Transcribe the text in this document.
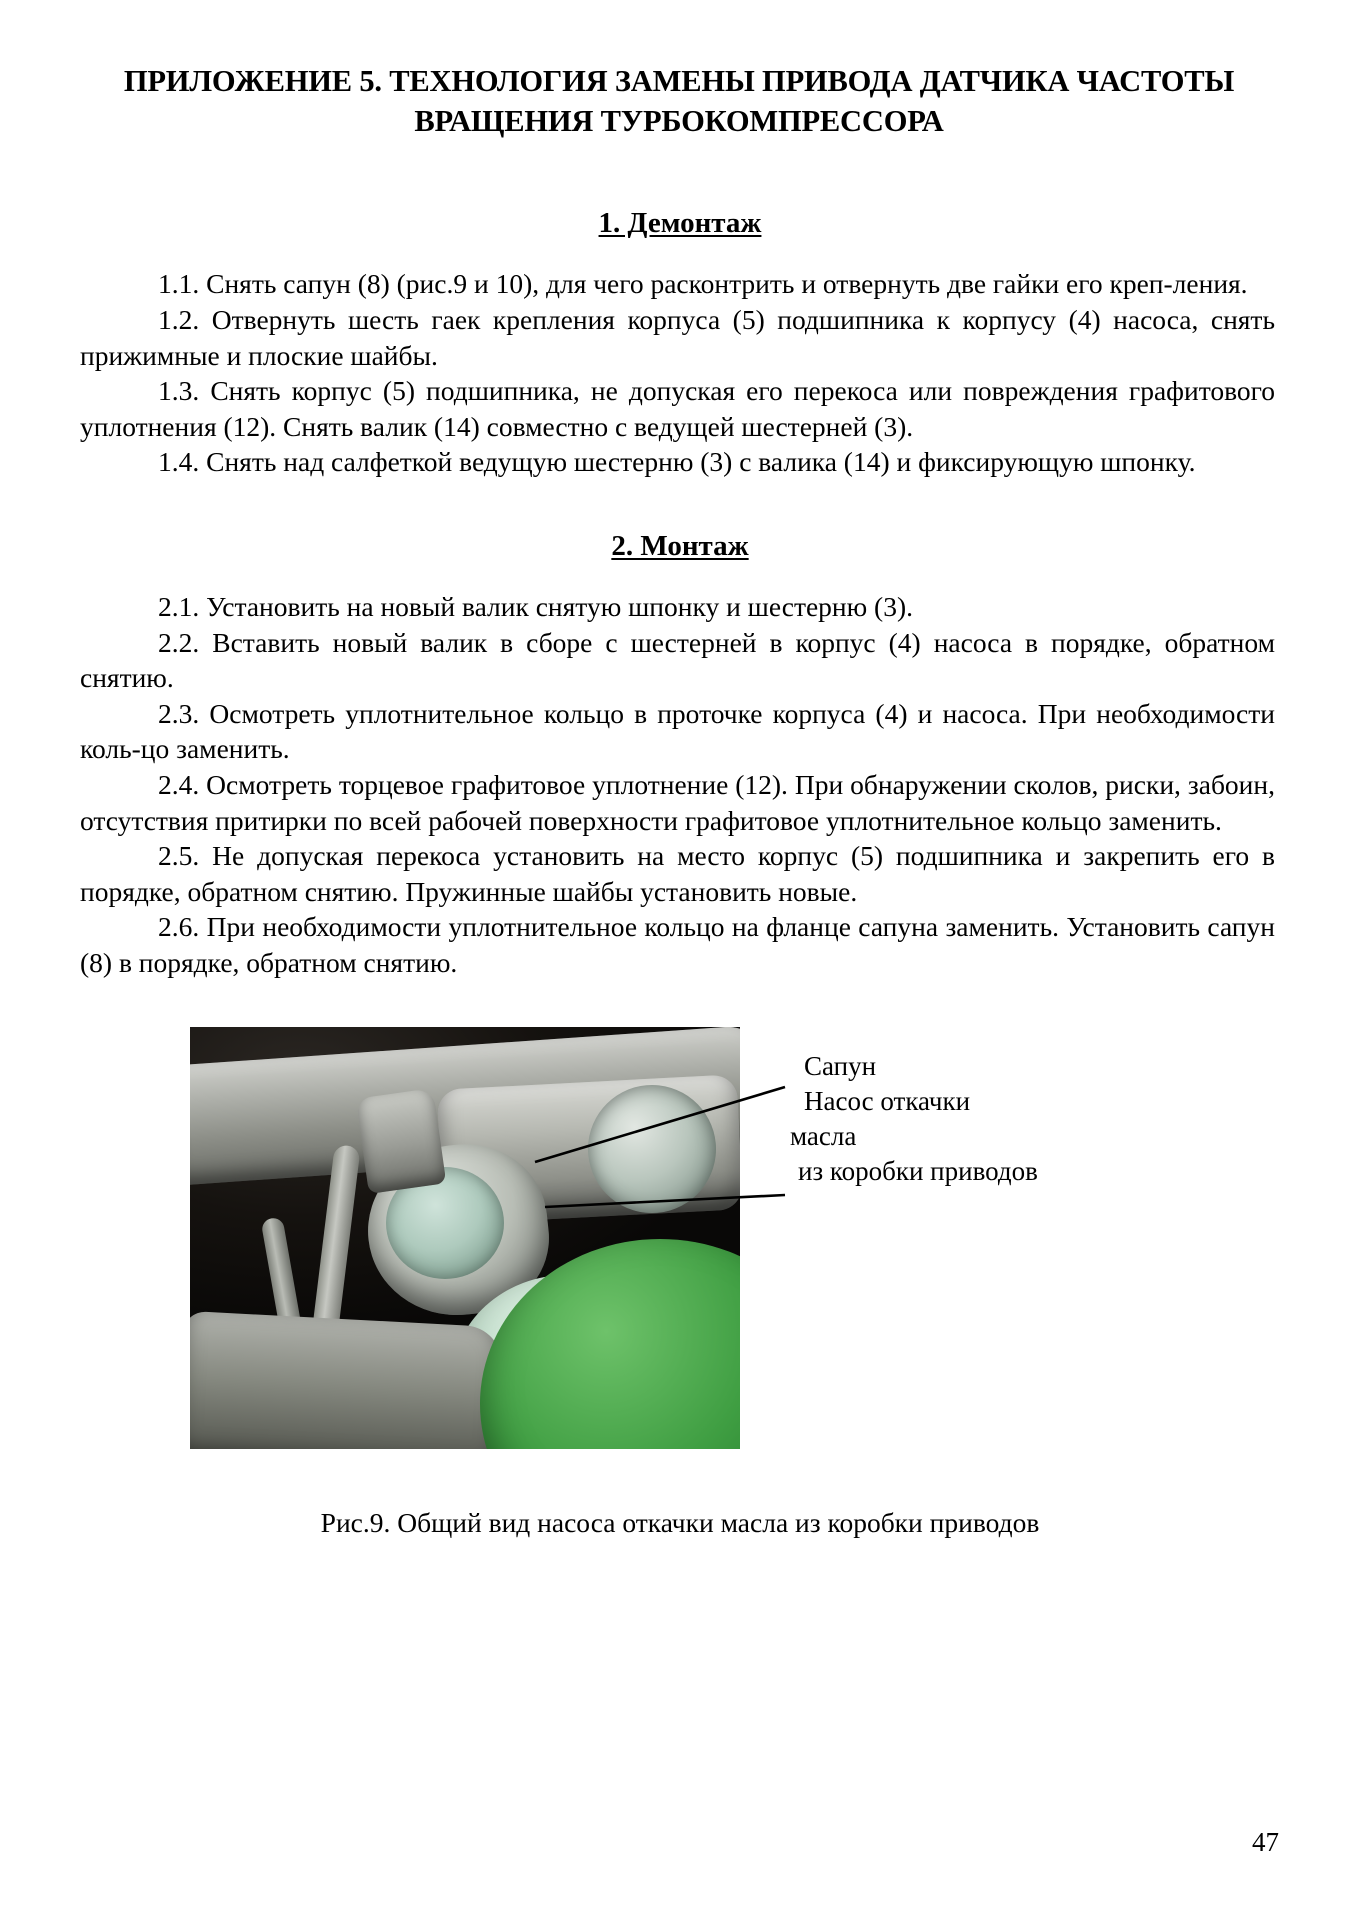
ПРИЛОЖЕНИЕ 5. ТЕХНОЛОГИЯ ЗАМЕНЫ ПРИВОДА ДАТЧИКА ЧАСТОТЫ
ВРАЩЕНИЯ ТУРБОКОМПРЕССОРА
1. Демонтаж

1.1. Снять сапун (8) (рис.9 и 10), для чего расконтрить и отвернуть две гайки его креп-ления.

1.2. Отвернуть шесть гаек крепления корпуса (5) подшипника к корпусу (4) насоса, снять прижимные и плоские шайбы.

1.3. Снять корпус (5) подшипника, не допуская его перекоса или повреждения графитового уплотнения (12). Снять валик (14) совместно с ведущей шестерней (3).

1.4. Снять над салфеткой ведущую шестерню (3) с валика (14) и фиксирующую шпонку.

2. Монтаж

2.1. Установить на новый валик снятую шпонку и шестерню (3).

2.2. Вставить новый валик в сборе с шестерней в корпус (4) насоса в порядке, обратном снятию.

2.3. Осмотреть уплотнительное кольцо в проточке корпуса (4) и насоса. При необходимости коль-цо заменить.

2.4. Осмотреть торцевое графитовое уплотнение (12). При обнаружении сколов, риски, забоин, отсутствия притирки по всей рабочей поверхности графитовое уплотнительное кольцо заменить.

2.5. Не допуская перекоса установить на место корпус (5) подшипника и закрепить его в порядке, обратном снятию. Пружинные шайбы установить новые.

2.6. При необходимости уплотнительное кольцо на фланце сапуна заменить. Установить сапун (8) в порядке, обратном снятию.

Сапун
Насос откачки
масла
из коробки приводов
Рис.9. Общий вид насоса откачки масла из коробки приводов
47
